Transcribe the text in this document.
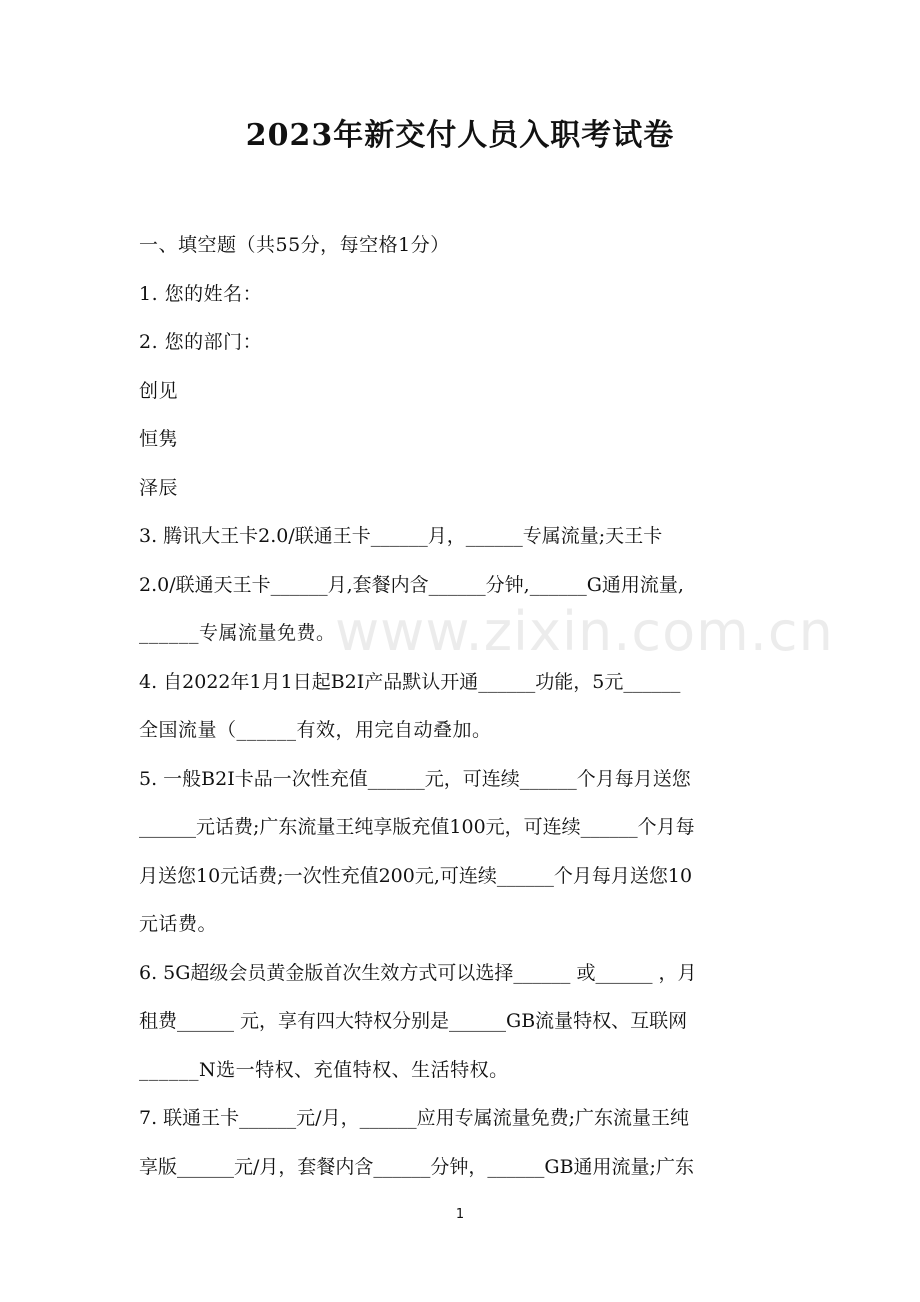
2023年新交付人员入职考试卷
一、填空题（共55分，每空格1分）
1. 您的姓名：
2. 您的部门：
创见
恒隽
泽辰
3. 腾讯大王卡2.0/联通王卡______月，______专属流量;天王卡
2.0/联通天王卡______月,套餐内含______分钟,______G通用流量,
______专属流量免费。
4. 自2022年1月1日起B2I产品默认开通______功能，5元______
全国流量（______有效，用完自动叠加。
5. 一般B2I卡品一次性充值______元，可连续______个月每月送您
______元话费;广东流量王纯享版充值100元，可连续______个月每
月送您10元话费;一次性充值200元,可连续______个月每月送您10
元话费。
6. 5G超级会员黄金版首次生效方式可以选择______ 或______ ，月
租费______ 元，享有四大特权分别是______GB流量特权、互联网
______N选一特权、充值特权、生活特权。
7. 联通王卡______元/月，______应用专属流量免费;广东流量王纯
享版______元/月，套餐内含______分钟，______GB通用流量;广东
www.zixin.com.cn
1
